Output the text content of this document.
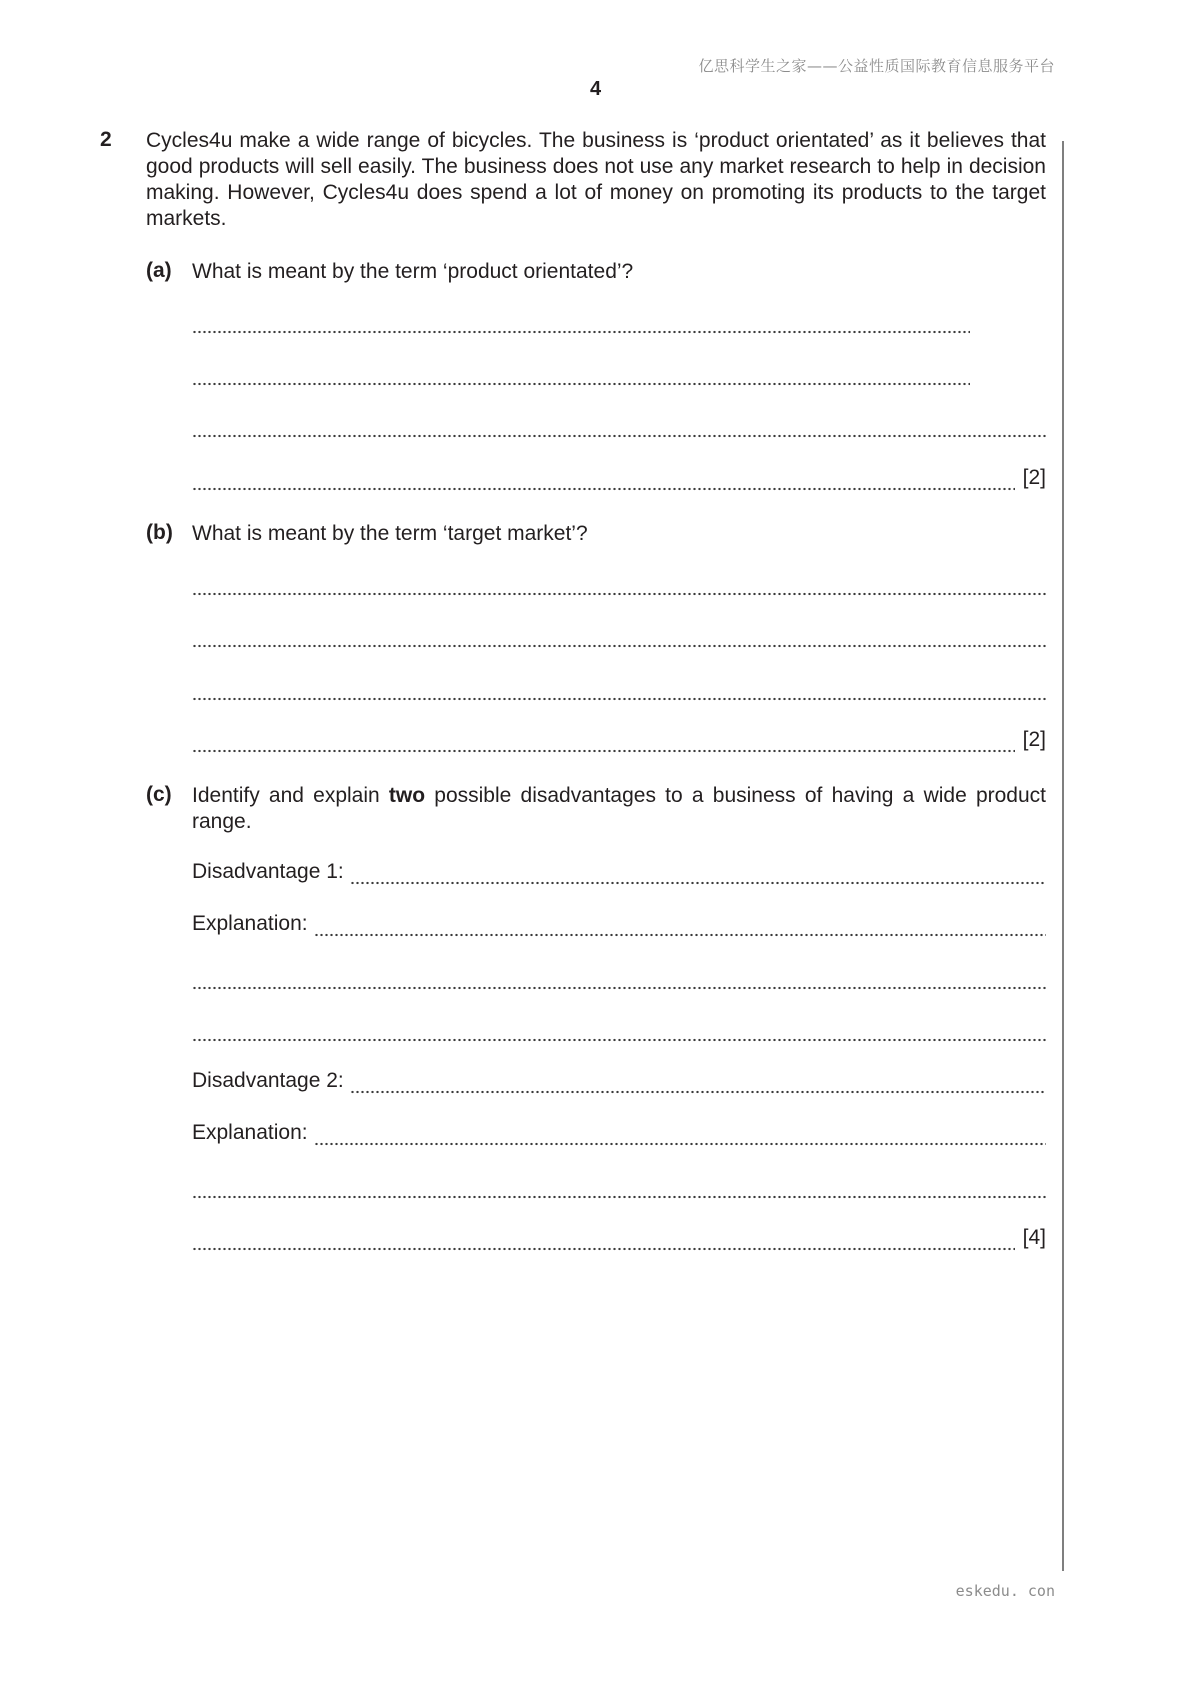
亿思科学生之家——公益性质国际教育信息服务平台
4
2 Cycles4u make a wide range of bicycles. The business is ‘product orientated’ as it believes that good products will sell easily. The business does not use any market research to help in decision making. However, Cycles4u does spend a lot of money on promoting its products to the target markets.
(a) What is meant by the term ‘product orientated’?
[2]
(b) What is meant by the term ‘target market’?
[2]
(c) Identify and explain two possible disadvantages to a business of having a wide product range.
Disadvantage 1:
Explanation:
Disadvantage 2:
Explanation:
[4]
eskedu. con
